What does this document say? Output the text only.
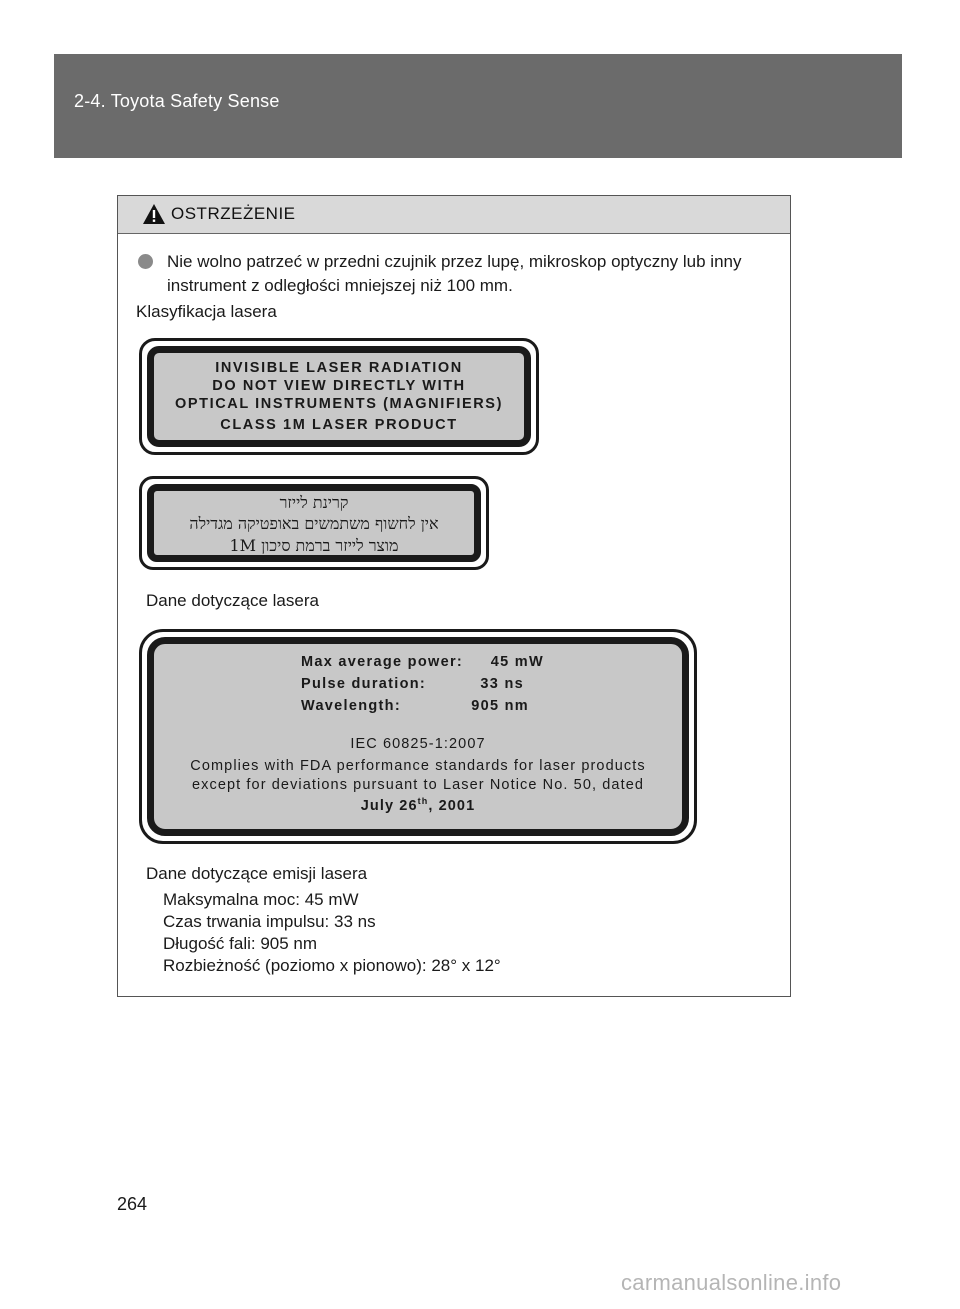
2-4. Toyota Safety Sense
OSTRZEŻENIE
Nie wolno patrzeć w przedni czujnik przez lupę, mikroskop optyczny lub inny instrument z odległości mniejszej niż 100 mm.
Klasyfikacja lasera
INVISIBLE LASER RADIATION
DO NOT VIEW DIRECTLY WITH
OPTICAL INSTRUMENTS (MAGNIFIERS)
CLASS 1M LASER PRODUCT
קרינת לייזר
אין לחשוף משתמשים באופטיקה מגדילה
מוצר לייזר ברמת סיכון 1M
Dane dotyczące lasera
Max average power:	45 mW
Pulse duration:	33 ns
Wavelength:	905 nm
IEC 60825-1:2007
Complies with FDA performance standards for laser products
except for deviations pursuant to Laser Notice No. 50, dated
July 26th, 2001
Dane dotyczące emisji lasera
Maksymalna moc: 45 mW
Czas trwania impulsu: 33 ns
Długość fali: 905 nm
Rozbieżność (poziomo x pionowo): 28° x 12°
264
carmanualsonline.info
